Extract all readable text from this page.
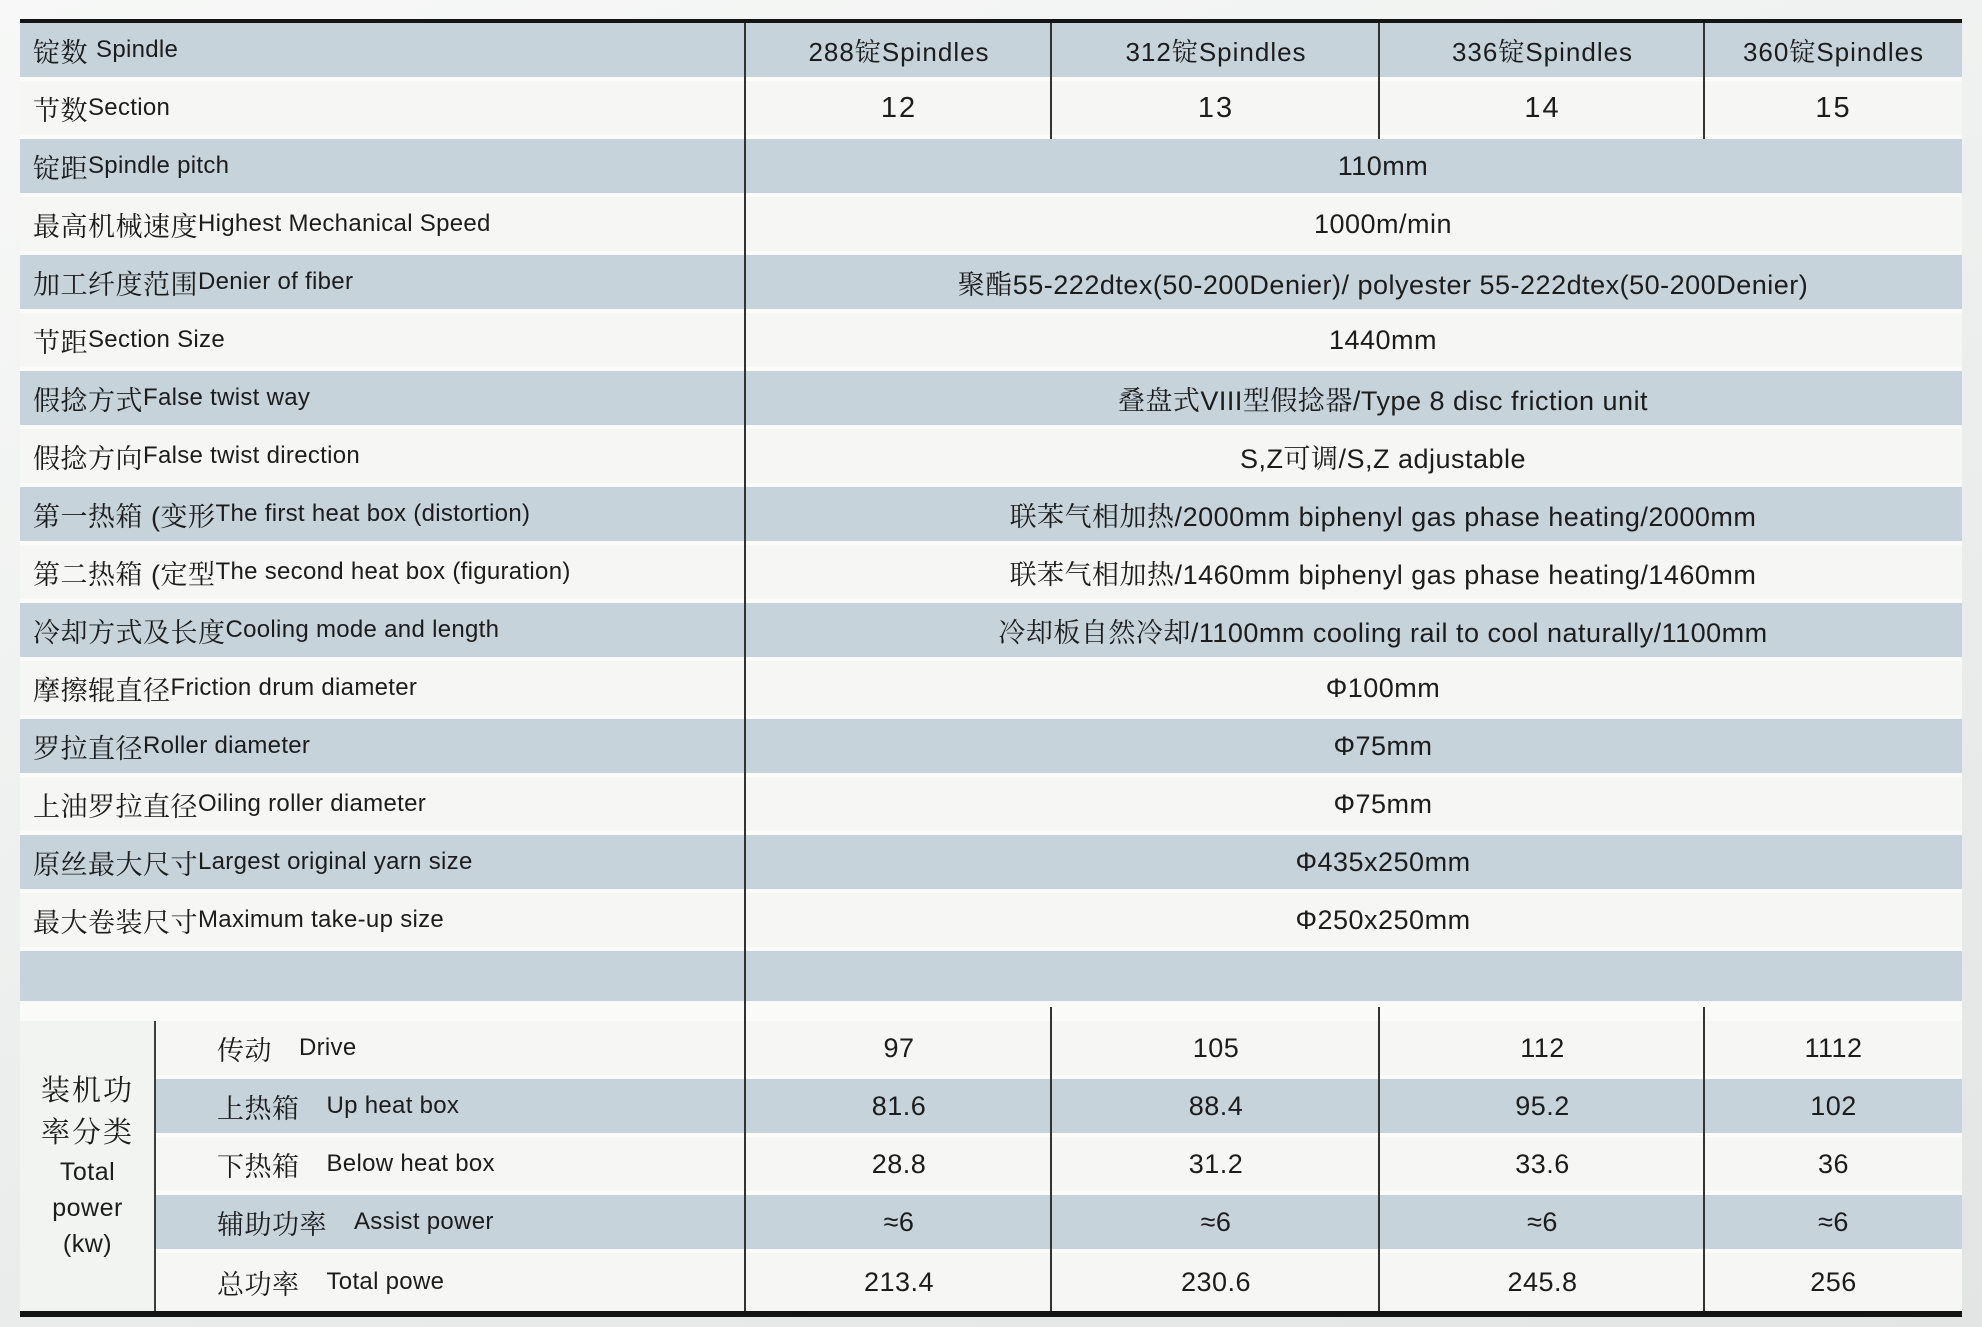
锭数 Spindle	288锭Spindles	312锭Spindles	336锭Spindles	360锭Spindles
节数 Section	12	13	14	15
锭距 Spindle pitch	110mm
最高机械速度 Highest Mechanical Speed	1000m/min
加工纤度范围 Denier of fiber	聚酯55-222dtex(50-200Denier)/ polyester 55-222dtex(50-200Denier)
节距 Section Size	1440mm
假捻方式 False twist way	叠盘式VIII型假捻器/Type 8 disc friction unit
假捻方向 False twist direction	S,Z可调/S,Z adjustable
第一热箱 (变形 The first heat box (distortion)	联苯气相加热/2000mm biphenyl gas phase heating/2000mm
第二热箱 (定型 The second heat box (figuration)	联苯气相加热/1460mm biphenyl gas phase heating/1460mm
冷却方式及长度 Cooling mode and length	冷却板自然冷却/1100mm cooling rail to cool naturally/1100mm
摩擦辊直径 Friction drum diameter	Φ100mm
罗拉直径 Roller diameter	Φ75mm
上油罗拉直径 Oiling roller diameter	Φ75mm
原丝最大尺寸 Largest original yarn size	Φ435x250mm
最大卷装尺寸 Maximum take-up size	Φ250x250mm
装机功
率分类
Total
power
(kw)
传动 Drive	97	105	112	1112
上热箱 Up heat box	81.6	88.4	95.2	102
下热箱 Below heat box	28.8	31.2	33.6	36
辅助功率 Assist power	≈6	≈6	≈6	≈6
总功率 Total powe	213.4	230.6	245.8	256
